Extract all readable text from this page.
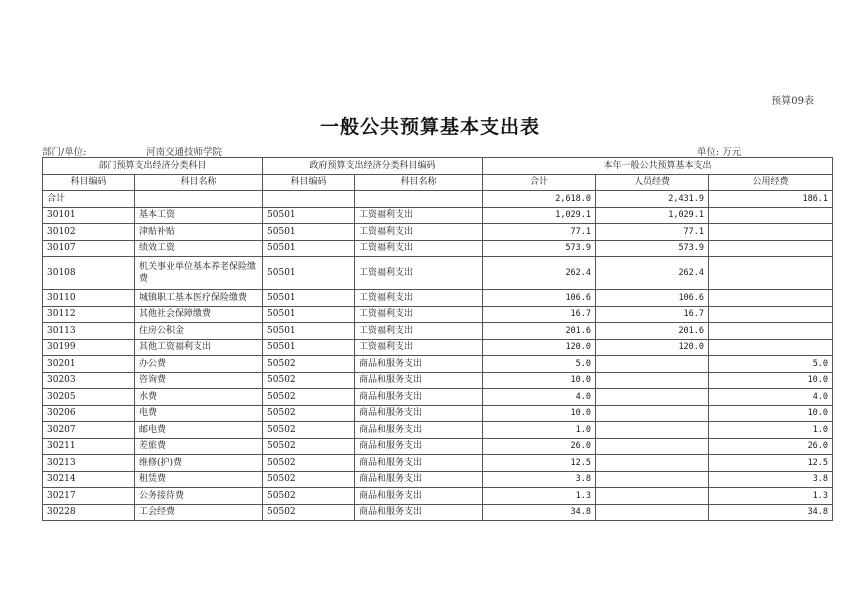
预算09表
一般公共预算基本支出表
部门/单位:	河南交通技师学院	单位: 万元
部门预算支出经济分类科目		政府预算支出经济分类科目编码		本年一般公共预算基本支出		
科目编码	科目名称	科目编码	科目名称	合计	人员经费	公用经费
合计				2,618.0	2,431.9	186.1
30101	基本工资	50501	工资福利支出	1,029.1	1,029.1	
30102	津贴补贴	50501	工资福利支出	77.1	77.1	
30107	绩效工资	50501	工资福利支出	573.9	573.9	
30108	机关事业单位基本养老保险缴费	50501	工资福利支出	262.4	262.4	
30110	城镇职工基本医疗保险缴费	50501	工资福利支出	106.6	106.6	
30112	其他社会保障缴费	50501	工资福利支出	16.7	16.7	
30113	住房公积金	50501	工资福利支出	201.6	201.6	
30199	其他工资福利支出	50501	工资福利支出	120.0	120.0	
30201	办公费	50502	商品和服务支出	5.0		5.0
30203	咨询费	50502	商品和服务支出	10.0		10.0
30205	水费	50502	商品和服务支出	4.0		4.0
30206	电费	50502	商品和服务支出	10.0		10.0
30207	邮电费	50502	商品和服务支出	1.0		1.0
30211	差旅费	50502	商品和服务支出	26.0		26.0
30213	维修(护)费	50502	商品和服务支出	12.5		12.5
30214	租赁费	50502	商品和服务支出	3.8		3.8
30217	公务接待费	50502	商品和服务支出	1.3		1.3
30228	工会经费	50502	商品和服务支出	34.8		34.8
